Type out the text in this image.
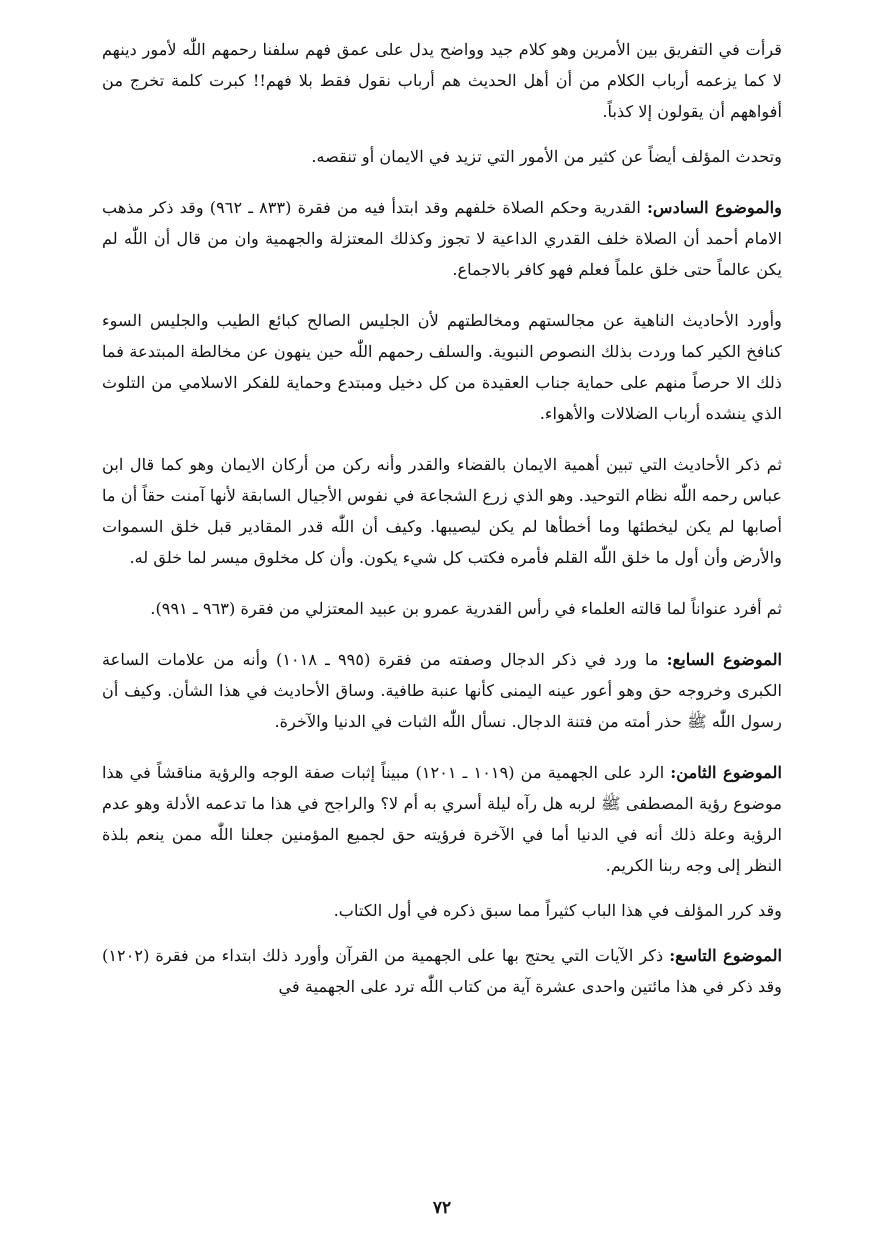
قرأت في التفريق بين الأمرين وهو كلام جيد وواضح يدل على عمق فهم سلفنا رحمهم اللّٰه لأمور دينهم لا كما يزعمه أرباب الكلام من أن أهل الحديث هم أرباب نقول فقط بلا فهم!! كبرت كلمة تخرج من أفواههم أن يقولون إلا كذباً.

وتحدث المؤلف أيضاً عن كثير من الأمور التي تزيد في الايمان أو تنقصه.

والموضوع السادس: القدرية وحكم الصلاة خلفهم وقد ابتدأ فيه من فقرة (٨٣٣ ـ ٩٦٢) وقد ذكر مذهب الامام أحمد أن الصلاة خلف القدري الداعية لا تجوز وكذلك المعتزلة والجهمية وان من قال أن اللّٰه لم يكن عالماً حتى خلق علماً فعلم فهو كافر بالاجماع.

وأورد الأحاديث الناهية عن مجالستهم ومخالطتهم لأن الجليس الصالح كبائع الطيب والجليس السوء كنافخ الكير كما وردت بذلك النصوص النبوية. والسلف رحمهم اللّٰه حين ينهون عن مخالطة المبتدعة فما ذلك الا حرصاً منهم على حماية جناب العقيدة من كل دخيل ومبتدع وحماية للفكر الاسلامي من التلوث الذي ينشده أرباب الضلالات والأهواء.

ثم ذكر الأحاديث التي تبين أهمية الايمان بالقضاء والقدر وأنه ركن من أركان الايمان وهو كما قال ابن عباس رحمه اللّٰه نظام التوحيد. وهو الذي زرع الشجاعة في نفوس الأجيال السابقة لأنها آمنت حقاً أن ما أصابها لم يكن ليخطئها وما أخطأها لم يكن ليصيبها. وكيف أن اللّٰه قدر المقادير قبل خلق السموات والأرض وأن أول ما خلق اللّٰه القلم فأمره فكتب كل شيء يكون. وأن كل مخلوق ميسر لما خلق له.

ثم أفرد عنواناً لما قالته العلماء في رأس القدرية عمرو بن عبيد المعتزلي من فقرة (٩٦٣ ـ ٩٩١).

الموضوع السابع: ما ورد في ذكر الدجال وصفته من فقرة (٩٩٥ ـ ١٠١٨) وأنه من علامات الساعة الكبرى وخروجه حق وهو أعور عينه اليمنى كأنها عنبة طافية. وساق الأحاديث في هذا الشأن. وكيف أن رسول اللّٰه ﷺ حذر أمته من فتنة الدجال. نسأل اللّٰه الثبات في الدنيا والآخرة.

الموضوع الثامن: الرد على الجهمية من (١٠١٩ ـ ١٢٠١) مبيناً إثبات صفة الوجه والرؤية مناقشاً في هذا موضوع رؤية المصطفى ﷺ لربه هل رآه ليلة أسري به أم لا؟ والراجح في هذا ما تدعمه الأدلة وهو عدم الرؤية وعلة ذلك أنه في الدنيا أما في الآخرة فرؤيته حق لجميع المؤمنين جعلنا اللّٰه ممن ينعم بلذة النظر إلى وجه ربنا الكريم.

وقد كرر المؤلف في هذا الباب كثيراً مما سبق ذكره في أول الكتاب.

الموضوع التاسع: ذكر الآيات التي يحتج بها على الجهمية من القرآن وأورد ذلك ابتداء من فقرة (١٢٠٢) وقد ذكر في هذا مائتين واحدى عشرة آية من كتاب اللّٰه ترد على الجهمية في

٧٢
